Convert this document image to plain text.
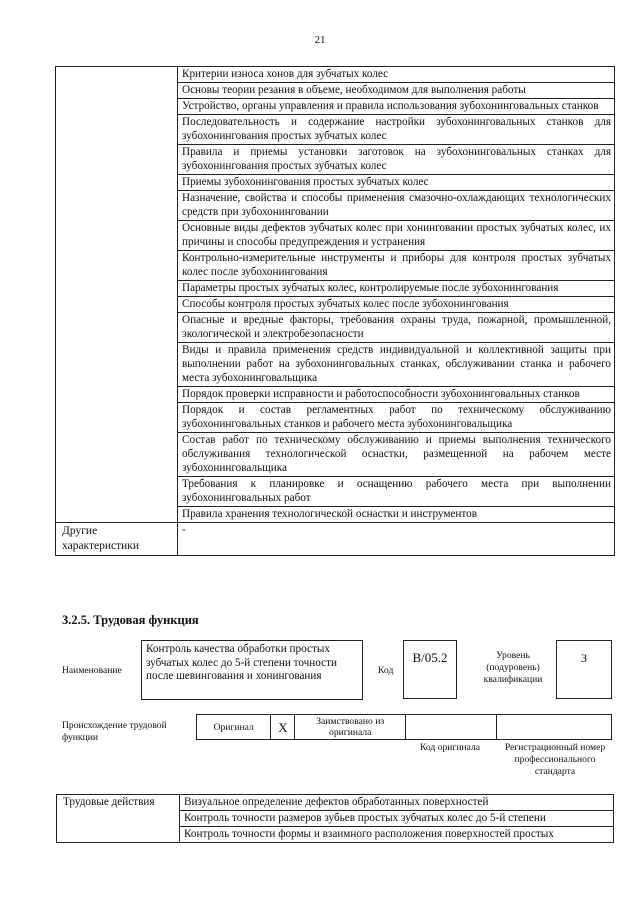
21
	Критерии износа хонов для зубчатых колес
	Основы теории резания в объеме, необходимом для выполнения работы
	Устройство, органы управления и правила использования зубохонинговальных станков
	Последовательность и содержание настройки зубохонинговальных станков для зубохонингования простых зубчатых колес
	Правила и приемы установки заготовок на зубохонинговальных станках для зубохонингования простых зубчатых колес
	Приемы зубохонингования простых зубчатых колес
	Назначение, свойства и способы применения смазочно-охлаждающих технологических средств при зубохонинговании
	Основные виды дефектов зубчатых колес при хонинговании простых зубчатых колес, их причины и способы предупреждения и устранения
	Контрольно-измерительные инструменты и приборы для контроля простых зубчатых колес после зубохонингования
	Параметры простых зубчатых колес, контролируемые после зубохонингования
	Способы контроля простых зубчатых колес после зубохонингования
	Опасные и вредные факторы, требования охраны труда, пожарной, промышленной, экологической и электробезопасности
	Виды и правила применения средств индивидуальной и коллективной защиты при выполнении работ на зубохонинговальных станках, обслуживании станка и рабочего места зубохонинговальщика
	Порядок проверки исправности и работоспособности зубохонинговальных станков
	Порядок и состав регламентных работ по техническому обслуживанию зубохонинговальных станков и рабочего места зубохонинговальщика
	Состав работ по техническому обслуживанию и приемы выполнения технического обслуживания технологической оснастки, размещенной на рабочем месте зубохонинговальщика
	Требования к планировке и оснащению рабочего места при выполнении зубохонинговальных работ
	Правила хранения технологической оснастки и инструментов
Другие характеристики	-
3.2.5. Трудовая функция
Наименование
Контроль качества обработки простых зубчатых колес до 5-й степени точности после шевингования и хонингования	Код
B/05.2	Уровень (подуровень) квалификации
3
Происхождение трудовой функции
Оригинал	X	Заимствовано из оригинала		
Код оригинала	Регистрационный номер профессионального стандарта
Трудовые действия	Визуальное определение дефектов обработанных поверхностей
Контроль точности размеров зубьев простых зубчатых колес до 5-й степени
Контроль точности формы и взаимного расположения поверхностей простых
